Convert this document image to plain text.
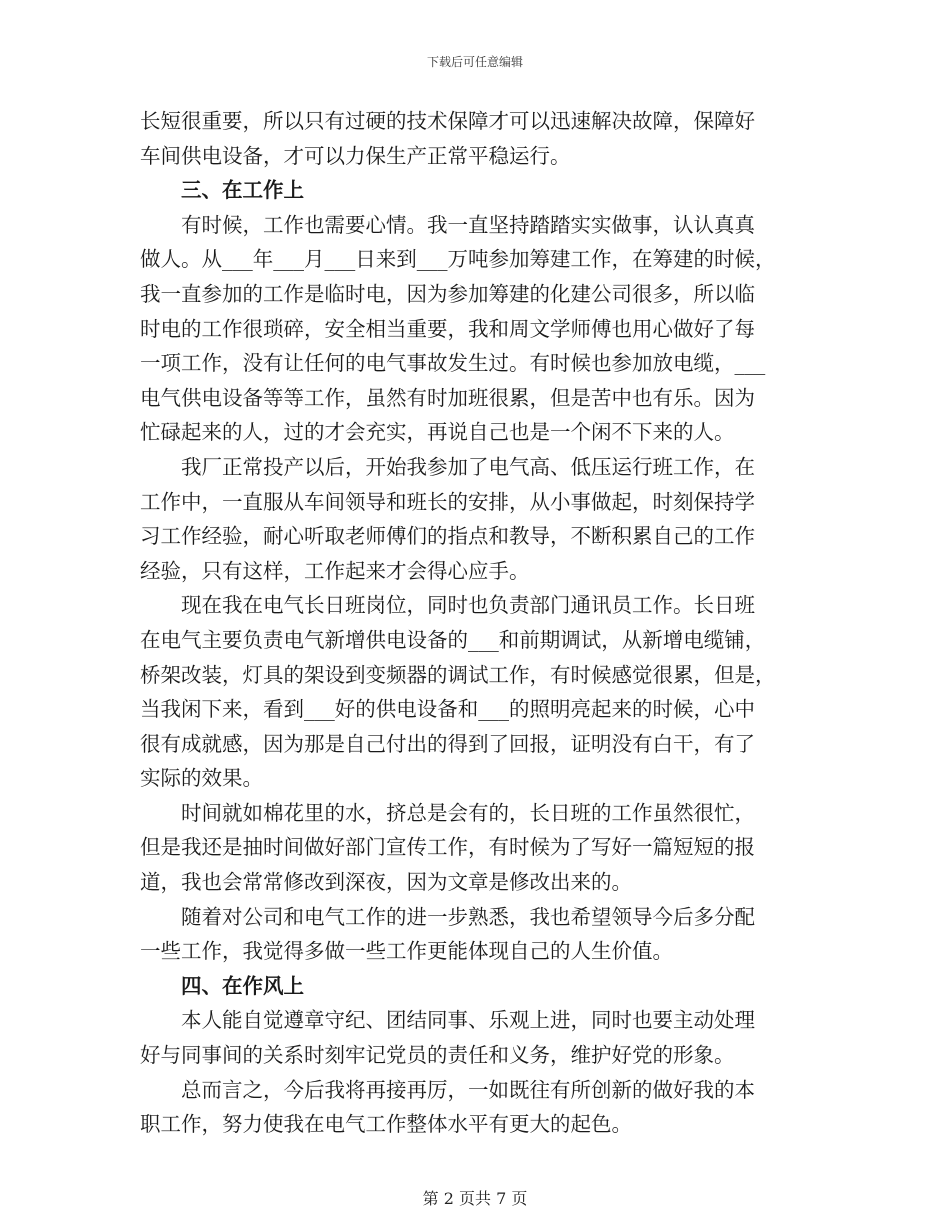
下载后可任意编辑
长短很重要，所以只有过硬的技术保障才可以迅速解决故障，保障好
车间供电设备，才可以力保生产正常平稳运行。
三、在工作上
有时候，工作也需要心情。我一直坚持踏踏实实做事，认认真真
做人。从___年___月___日来到___万吨参加筹建工作，在筹建的时候，
我一直参加的工作是临时电，因为参加筹建的化建公司很多，所以临
时电的工作很琐碎，安全相当重要，我和周文学师傅也用心做好了每
一项工作，没有让任何的电气事故发生过。有时候也参加放电缆，___
电气供电设备等等工作，虽然有时加班很累，但是苦中也有乐。因为
忙碌起来的人，过的才会充实，再说自己也是一个闲不下来的人。
我厂正常投产以后，开始我参加了电气高、低压运行班工作，在
工作中，一直服从车间领导和班长的安排，从小事做起，时刻保持学
习工作经验，耐心听取老师傅们的指点和教导，不断积累自己的工作
经验，只有这样，工作起来才会得心应手。
现在我在电气长日班岗位，同时也负责部门通讯员工作。长日班
在电气主要负责电气新增供电设备的___和前期调试，从新增电缆铺，
桥架改装，灯具的架设到变频器的调试工作，有时候感觉很累，但是，
当我闲下来，看到___好的供电设备和___的照明亮起来的时候，心中
很有成就感，因为那是自己付出的得到了回报，证明没有白干，有了
实际的效果。
时间就如棉花里的水，挤总是会有的，长日班的工作虽然很忙，
但是我还是抽时间做好部门宣传工作，有时候为了写好一篇短短的报
道，我也会常常修改到深夜，因为文章是修改出来的。
随着对公司和电气工作的进一步熟悉，我也希望领导今后多分配
一些工作，我觉得多做一些工作更能体现自己的人生价值。
四、在作风上
本人能自觉遵章守纪、团结同事、乐观上进，同时也要主动处理
好与同事间的关系时刻牢记党员的责任和义务，维护好党的形象。
总而言之，今后我将再接再厉，一如既往有所创新的做好我的本
职工作，努力使我在电气工作整体水平有更大的起色。
第 2 页共 7 页
